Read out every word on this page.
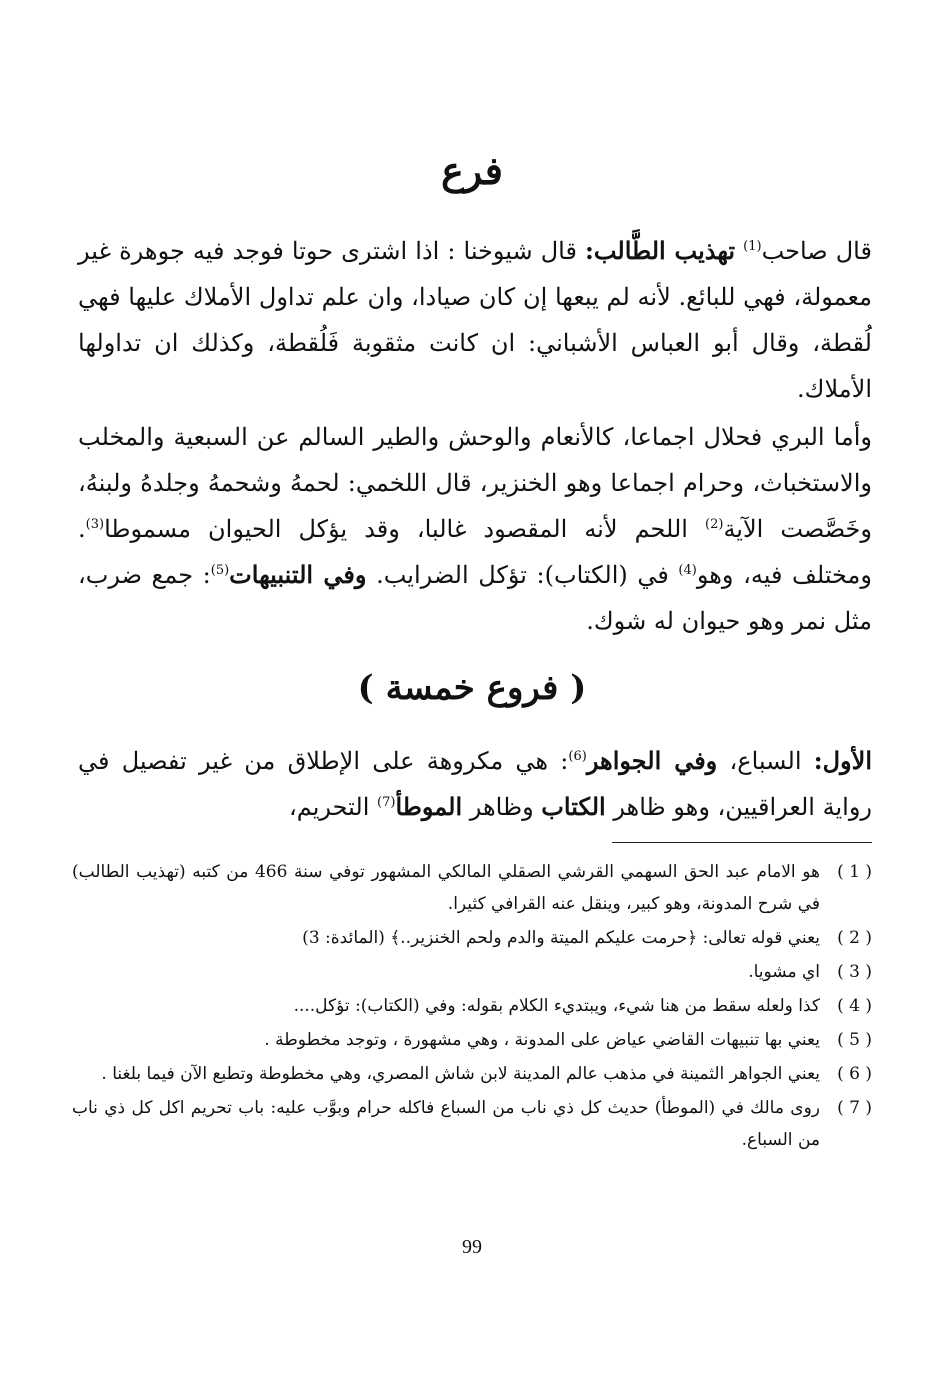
فرع

قال صاحب$^{(1)}$ تهذيب الطَّالب: قال شيوخنا : اذا اشترى حوتا فوجد فيه جوهرة غير معمولة، فهي للبائع. لأنه لم يبعها إن كان صيادا، وان علم تداول الأملاك عليها فهي لُقطة، وقال أبو العباس الأشباني: ان كانت مثقوبة فَلُقطة، وكذلك ان تداولها الأملاك.

وأما البري فحلال اجماعا، كالأنعام والوحش والطير السالم عن السبعية والمخلب والاستخباث، وحرام اجماعا وهو الخنزير، قال اللخمي: لحمهُ وشحمهُ وجلدهُ ولبنهُ، وخَصَّصت الآية$^{(2)}$ اللحم لأنه المقصود غالبا، وقد يؤكل الحيوان مسموطا$^{(3)}$. ومختلف فيه، وهو$^{(4)}$ في (الكتاب): تؤكل الضرايب. وفي التنبيهات$^{(5)}$: جمع ضرب، مثل نمر وهو حيوان له شوك.

( فروع خمسة )

الأول: السباع، وفي الجواهر$^{(6)}$: هي مكروهة على الإطلاق من غير تفصيل في رواية العراقيين، وهو ظاهر الكتاب وظاهر الموطأ$^{(7)}$ التحريم،

( 1 )
هو الامام عبد الحق السهمي القرشي الصقلي المالكي المشهور توفي سنة 466 من كتبه (تهذيب الطالب) في شرح المدونة، وهو كبير، وينقل عنه القرافي كثيرا.
( 2 )
يعني قوله تعالى: ﴿حرمت عليكم الميتة والدم ولحم الخنزير..﴾ (المائدة: 3)
( 3 )
اي مشويا.
( 4 )
كذا ولعله سقط من هنا شيء، ويبتديء الكلام بقوله: وفي (الكتاب): تؤكل....
( 5 )
يعني بها تنبيهات القاضي عياض على المدونة ، وهي مشهورة ، وتوجد مخطوطة .
( 6 )
يعني الجواهر الثمينة في مذهب عالم المدينة لابن شاش المصري، وهي مخطوطة وتطبع الآن فيما بلغنا .
( 7 )
روى مالك في (الموطأ) حديث كل ذي ناب من السباع فاكله حرام وبوَّب عليه: باب تحريم اكل كل ذي ناب من السباع.
99
